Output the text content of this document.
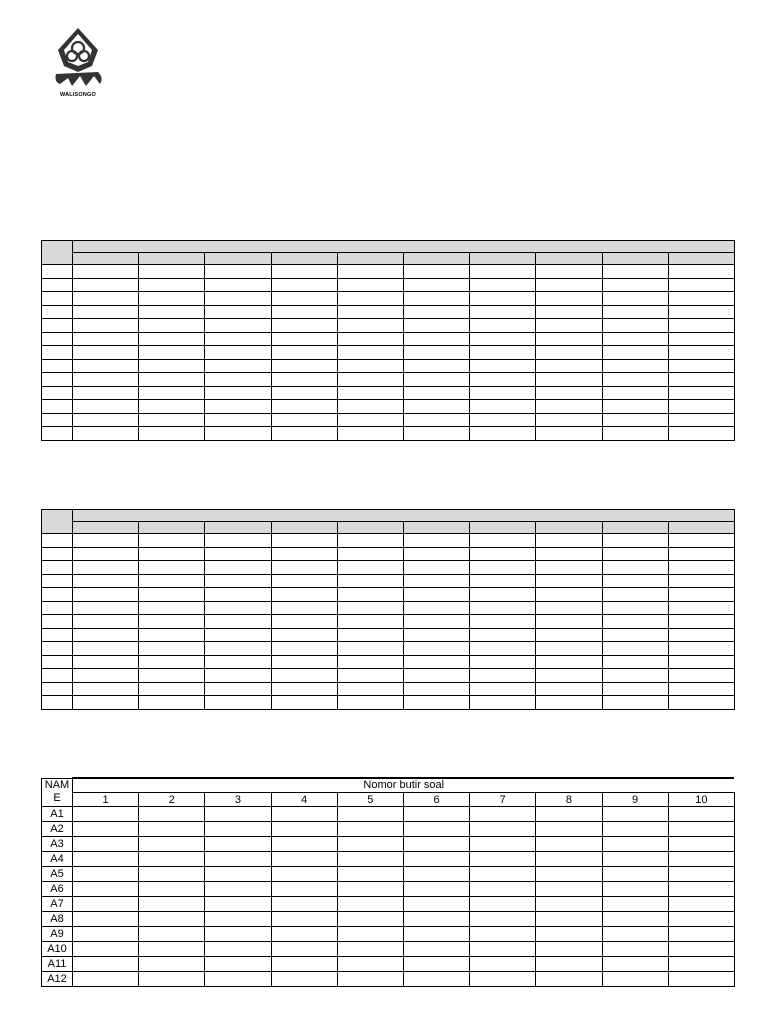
WALISONGO

NAME	Nomor butir soal									
	1	2	3	4	5	6	7	8	9	10
A1										
A2										
A3										
A4										
A5										
A6										
A7										
A8										
A9										
A10										
A11										
A12										
